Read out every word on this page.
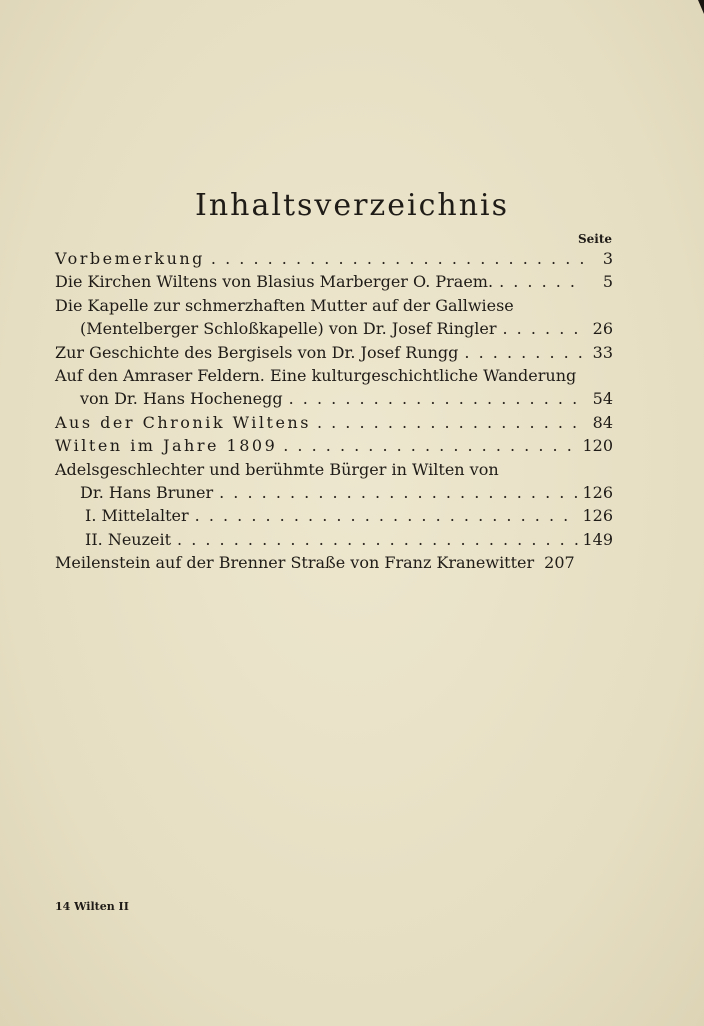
Inhaltsverzeichnis
Seite
Vorbemerkung . . .	3
Die Kirchen Wiltens von Blasius Marberger O. Praem. . . .	5
Die Kapelle zur schmerzhaften Mutter auf der Gallwiese
(Mentelberger Schloßkapelle) von Dr. Josef Ringler . . .	26
Zur Geschichte des Bergisels von Dr. Josef Rungg . . .	33
Auf den Amraser Feldern. Eine kulturgeschichtliche Wanderung
von Dr. Hans Hochenegg . . .	54
Aus der Chronik Wiltens . . .	84
Wilten im Jahre 1809 . . .	120
Adelsgeschlechter und berühmte Bürger in Wilten von
Dr. Hans Bruner . . .	126
I. Mittelalter . . .	126
II. Neuzeit . . .	149
Meilenstein auf der Brenner Straße von Franz Kranewitter 207
14 Wilten II
